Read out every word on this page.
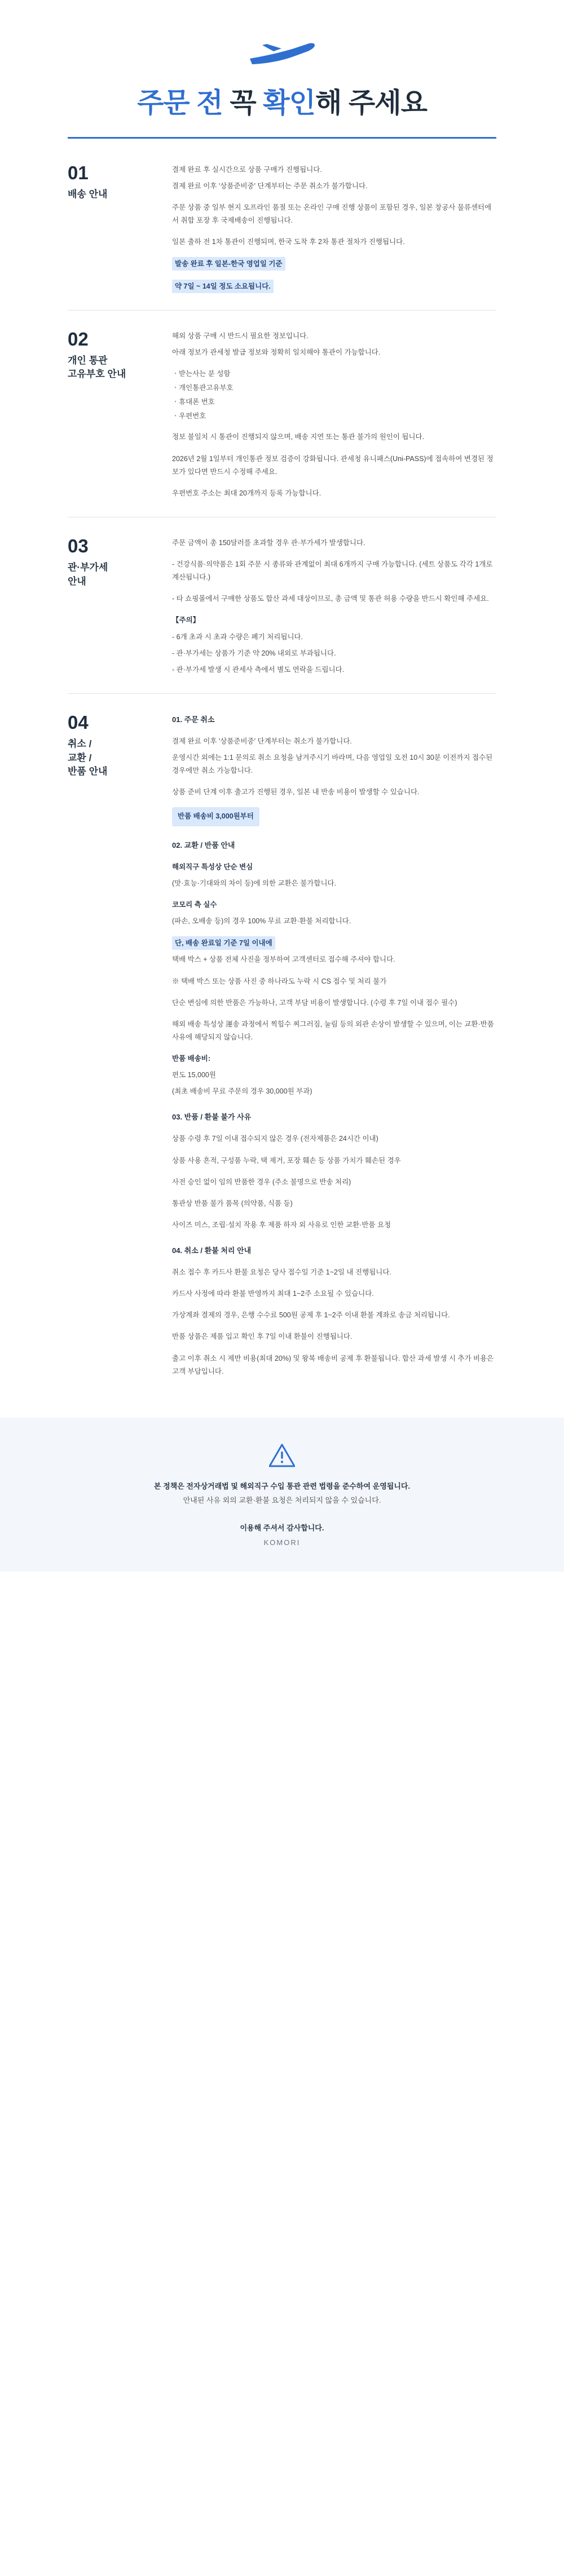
주문 전 꼭 확인해 주세요
01
배송 안내

결제 완료 후 실시간으로 상품 구매가 진행됩니다.

결제 완료 이후 '상품준비중' 단계부터는 주문 취소가 불가합니다.

주문 상품 중 일부 현지 오프라인 품절 또는 온라인 구매 진행 상품이 포함된 경우, 일본 창공사 물류센터에서 취합 포장 후 국제배송이 진행됩니다.

일본 출하 전 1차 통관이 진행되며, 한국 도착 후 2차 통관 절차가 진행됩니다.

발송 완료 후 일본-한국 영업일 기준

약 7일 ~ 14일 정도 소요됩니다.

02
개인 통관
고유부호 안내

해외 상품 구매 시 반드시 필요한 정보입니다.

아래 정보가 관세청 발급 정보와 정확히 일치해야 통관이 가능합니다.

ㆍ 받는사는 분 성함
ㆍ 개인통관고유부호
ㆍ 휴대폰 번호
ㆍ 우편번호

정보 불일치 시 통관이 진행되지 않으며, 배송 지연 또는 통관 불가의 원인이 됩니다.

2026년 2월 1일부터 개인통관 정보 검증이 강화됩니다. 관세청 유니패스(Uni-PASS)에 접속하여 변경된 정보가 있다면 반드시 수정해 주세요.

우편번호 주소는 최대 20개까지 등록 가능합니다.

03
관·부가세
안내

주문 금액이 총 150달러를 초과할 경우 관·부가세가 발생합니다.

- 건강식품·의약품은 1회 주문 시 종류와 관계없이 최대 6개까지 구매 가능합니다. (세트 상품도 각각 1개로 계산됩니다.)

- 타 쇼핑몰에서 구매한 상품도 합산 과세 대상이므로, 총 금액 및 통관 허용 수량을 반드시 확인해 주세요.

【주의】

- 6개 초과 시 초과 수량은 폐기 처리됩니다.

- 관·부가세는 상품가 기준 약 20% 내외로 부과됩니다.

- 관·부가세 발생 시 관세사 측에서 별도 연락을 드립니다.

04
취소 /
교환 /
반품 안내

01. 주문 취소

결제 완료 이후 '상품준비중' 단계부터는 취소가 불가합니다.

운영시간 외에는 1:1 문의로 취소 요청을 남겨주시기 바라며, 다음 영업일 오전 10시 30분 이전까지 접수된 경우에만 취소 가능합니다.

상품 준비 단계 이후 출고가 진행된 경우, 일본 내 반송 비용이 발생할 수 있습니다.

반품 배송비 3,000원부터

02. 교환 / 반품 안내

해외직구 특성상 단순 변심

(맛·효능·기대와의 차이 등)에 의한 교환은 불가합니다.

코모리 측 실수

(파손, 오배송 등)의 경우 100% 무료 교환·환불 처리합니다.

단, 배송 완료일 기준 7일 이내에

택배 박스 + 상품 전체 사진을 정부하여 고객센터로 접수해 주셔야 합니다.

※ 택배 박스 또는 상품 사진 중 하나라도 누락 시 CS 접수 및 처리 불가

단순 변심에 의한 반품은 가능하나, 고객 부담 비용이 발생합니다. (수령 후 7일 이내 접수 필수)

해외 배송 특성상 運송 과정에서 찍힘수 찌그러짐, 눌림 등의 외관 손상이 발생할 수 있으며, 이는 교환·반품 사유에 해당되지 않습니다.

반품 배송비:

편도 15,000원

(최초 배송비 무료 주문의 경우 30,000원 부과)

03. 반품 / 환불 불가 사유

상품 수령 후 7일 이내 접수되지 않은 경우 (전자제품은 24시간 이내)

상품 사용 흔적, 구성품 누락, 택 제거, 포장 훼손 등 상품 가치가 훼손된 경우

사전 승인 없이 임의 반품한 경우 (주소 불명으로 반송 처리)

통관상 반품 불가 품목 (의약품, 식품 등)

사이즈 미스, 조립·설치 작용 후 제품 하자 외 사유로 인한 교환·반품 요청

04. 취소 / 환불 처리 안내

취소 접수 후 카드사 환불 요청은 당사 접수일 기준 1~2일 내 진행됩니다.

카드사 사정에 따라 환불 반영까지 최대 1~2주 소요될 수 있습니다.

가상계좌 결제의 경우, 은행 수수료 500원 공제 후 1~2주 이내 환불 계좌로 송금 처리됩니다.

반품 상품은 제품 입고 확인 후 7일 이내 환불이 진행됩니다.

출고 이후 취소 시 제반 비용(최대 20%) 및 왕복 배송비 공제 후 환불됩니다. 합산 과세 발생 시 추가 비용은 고객 부담입니다.

본 정책은 전자상거래법 및 해외직구 수입 통관 관련 법령을 준수하여 운영됩니다.
안내된 사유 외의 교환·환불 요청은 처리되지 않을 수 있습니다.
이용해 주셔서 감사합니다.
KOMORI
